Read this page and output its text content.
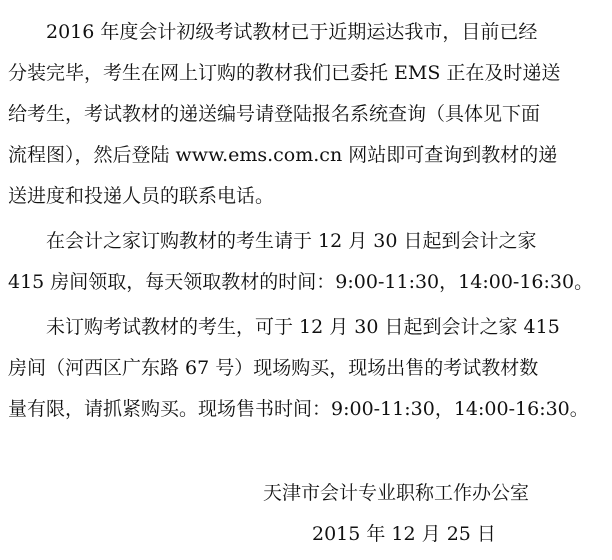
2016 年度会计初级考试教材已于近期运达我市，目前已经
分装完毕，考生在网上订购的教材我们已委托 EMS 正在及时递送
给考生，考试教材的递送编号请登陆报名系统查询（具体见下面
流程图），然后登陆 www.ems.com.cn 网站即可查询到教材的递
送进度和投递人员的联系电话。
在会计之家订购教材的考生请于 12 月 30 日起到会计之家
415 房间领取，每天领取教材的时间：9:00-11:30，14:00-16:30。
未订购考试教材的考生，可于 12 月 30 日起到会计之家 415
房间（河西区广东路 67 号）现场购买，现场出售的考试教材数
量有限，请抓紧购买。现场售书时间：9:00-11:30，14:00-16:30。
天津市会计专业职称工作办公室
2015 年 12 月 25 日
